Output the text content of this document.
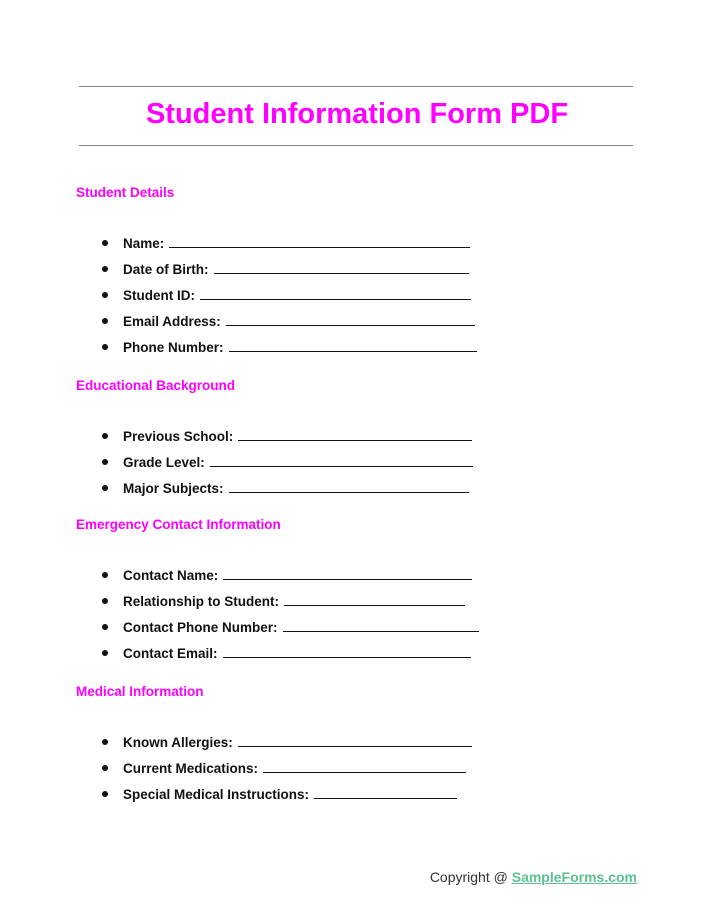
Student Information Form PDF

Student Details

Name:
Date of Birth:
Student ID:
Email Address:
Phone Number:

Educational Background

Previous School:
Grade Level:
Major Subjects:

Emergency Contact Information

Contact Name:
Relationship to Student:
Contact Phone Number:
Contact Email:

Medical Information

Known Allergies:
Current Medications:
Special Medical Instructions:
Copyright @ SampleForms.com
